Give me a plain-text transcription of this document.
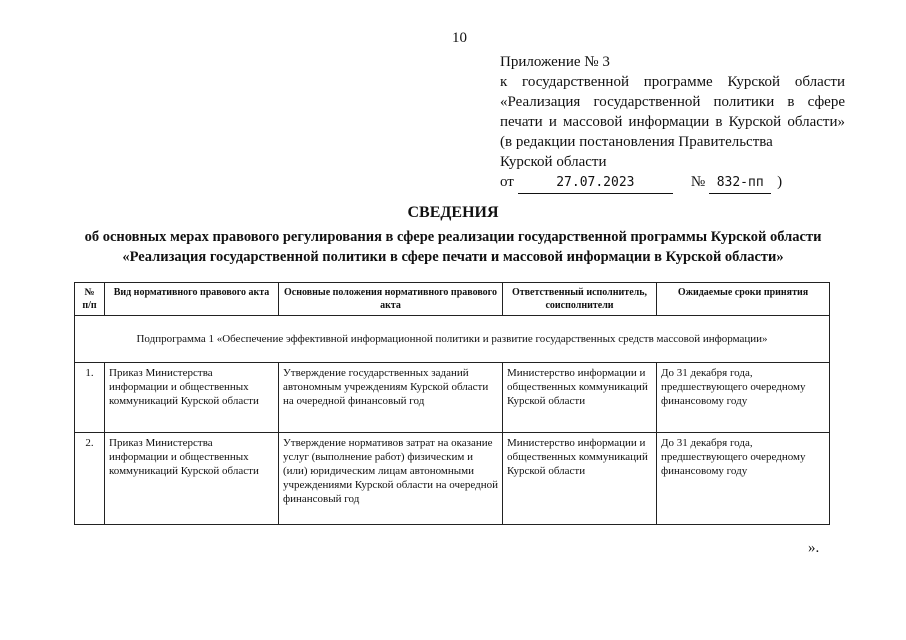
10
Приложение № 3
к государственной программе Курской области
«Реализация государственной политики в сфере
печати и массовой информации в Курской области»
(в редакции постановления Правительства
Курской области
от	27.07.2023	№ 832-пп )
СВЕДЕНИЯ
об основных мерах правового регулирования в сфере реализации государственной программы Курской области
«Реализация государственной политики в сфере печати и массовой информации в Курской области»
№ п/п	Вид нормативного правового акта	Основные положения нормативного правового акта	Ответственный исполнитель, соисполнители	Ожидаемые сроки принятия
Подпрограмма 1 «Обеспечение эффективной информационной политики и развитие государственных средств массовой информации»				
1.	Приказ Министерства информации и общественных коммуникаций Курской области	Утверждение государственных заданий автономным учреждениям Курской области на очередной финансовый год	Министерство информации и общественных коммуникаций Курской области	До 31 декабря года, предшествующего очередному финансовому году
2.	Приказ Министерства информации и общественных коммуникаций Курской области	Утверждение нормативов затрат на оказание услуг (выполнение работ) физическим и (или) юридическим лицам автономными учреждениями Курской области на очередной финансовый год	Министерство информации и общественных коммуникаций Курской области	До 31 декабря года, предшествующего очередному финансовому году
».
